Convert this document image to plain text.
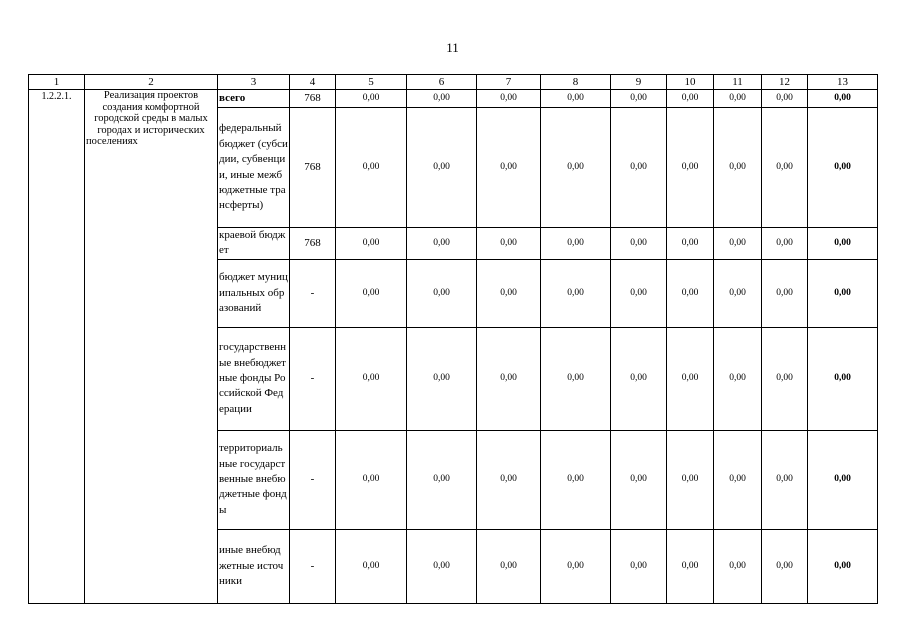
11
1	2	3	4	5	6	7	8	9	10	11	12	13
1.2.2.1.	Реализация проектов создания комфортной городской среды в малых городах и исторических поселениях	всего	768	0,00	0,00	0,00	0,00	0,00	0,00	0,00	0,00	0,00
		федеральный бюджет (субсидии, субвенции, иные межбюджетные трансферты)	768	0,00	0,00	0,00	0,00	0,00	0,00	0,00	0,00	0,00
		краевой бюджет	768	0,00	0,00	0,00	0,00	0,00	0,00	0,00	0,00	0,00
		бюджет муниципальных образований	-	0,00	0,00	0,00	0,00	0,00	0,00	0,00	0,00	0,00
		государственные внебюджетные фонды Российской Федерации	-	0,00	0,00	0,00	0,00	0,00	0,00	0,00	0,00	0,00
		территориальные государственные внебюджетные фонды	-	0,00	0,00	0,00	0,00	0,00	0,00	0,00	0,00	0,00
		иные внебюджетные источники	-	0,00	0,00	0,00	0,00	0,00	0,00	0,00	0,00	0,00
